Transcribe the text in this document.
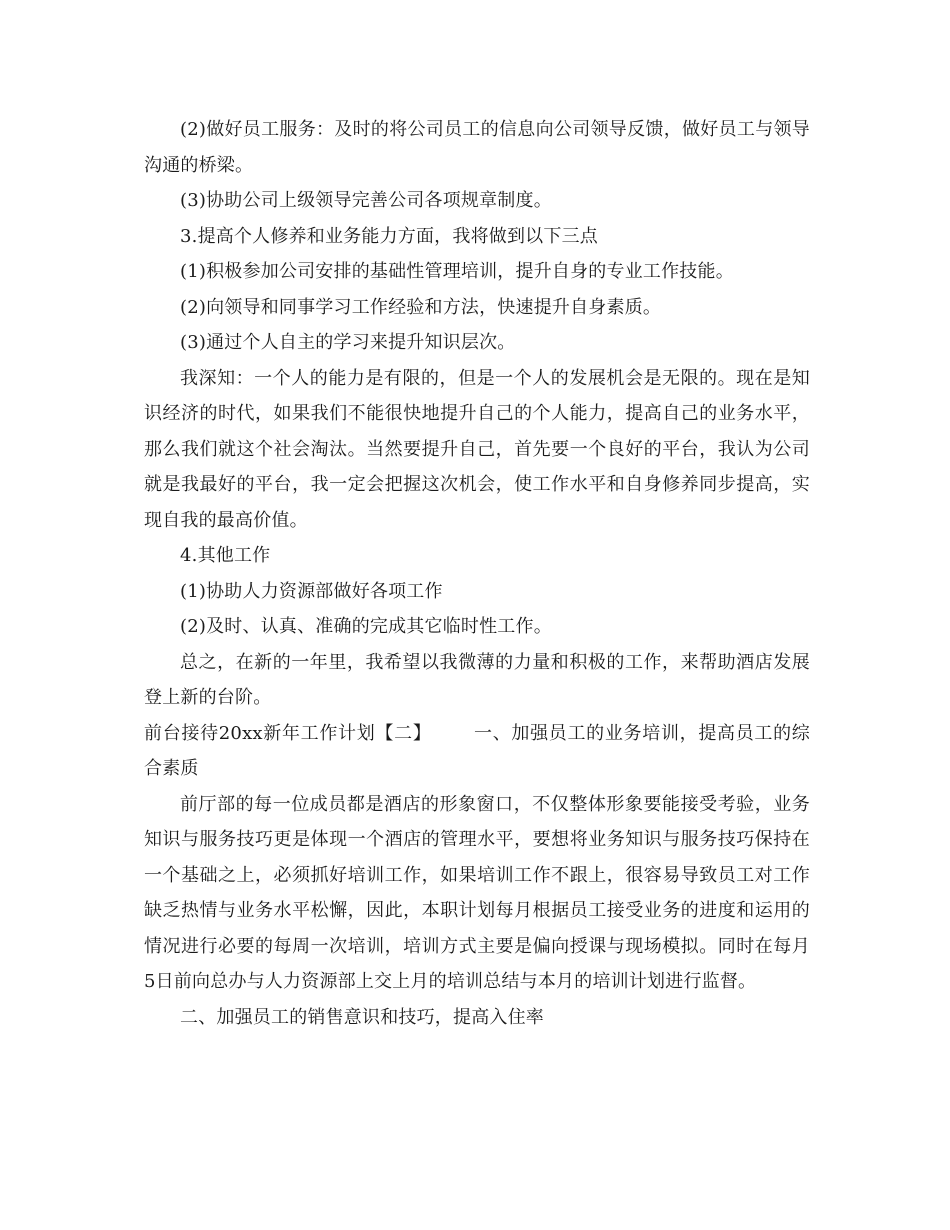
(2)做好员工服务：及时的将公司员工的信息向公司领导反馈，做好员工与领导沟通的桥梁。

(3)协助公司上级领导完善公司各项规章制度。

3.提高个人修养和业务能力方面，我将做到以下三点

(1)积极参加公司安排的基础性管理培训，提升自身的专业工作技能。

(2)向领导和同事学习工作经验和方法，快速提升自身素质。

(3)通过个人自主的学习来提升知识层次。

我深知：一个人的能力是有限的，但是一个人的发展机会是无限的。现在是知识经济的时代，如果我们不能很快地提升自己的个人能力，提高自己的业务水平，那么我们就这个社会淘汰。当然要提升自己，首先要一个良好的平台，我认为公司就是我最好的平台，我一定会把握这次机会，使工作水平和自身修养同步提高，实现自我的最高价值。

4.其他工作

(1)协助人力资源部做好各项工作

(2)及时、认真、准确的完成其它临时性工作。

总之，在新的一年里，我希望以我微薄的力量和积极的工作，来帮助酒店发展登上新的台阶。

前台接待20xx新年工作计划【二】 一、加强员工的业务培训，提高员工的综合素质

前厅部的每一位成员都是酒店的形象窗口，不仅整体形象要能接受考验，业务知识与服务技巧更是体现一个酒店的管理水平，要想将业务知识与服务技巧保持在一个基础之上，必须抓好培训工作，如果培训工作不跟上，很容易导致员工对工作缺乏热情与业务水平松懈，因此，本职计划每月根据员工接受业务的进度和运用的情况进行必要的每周一次培训，培训方式主要是偏向授课与现场模拟。同时在每月5日前向总办与人力资源部上交上月的培训总结与本月的培训计划进行监督。

二、加强员工的销售意识和技巧，提高入住率
